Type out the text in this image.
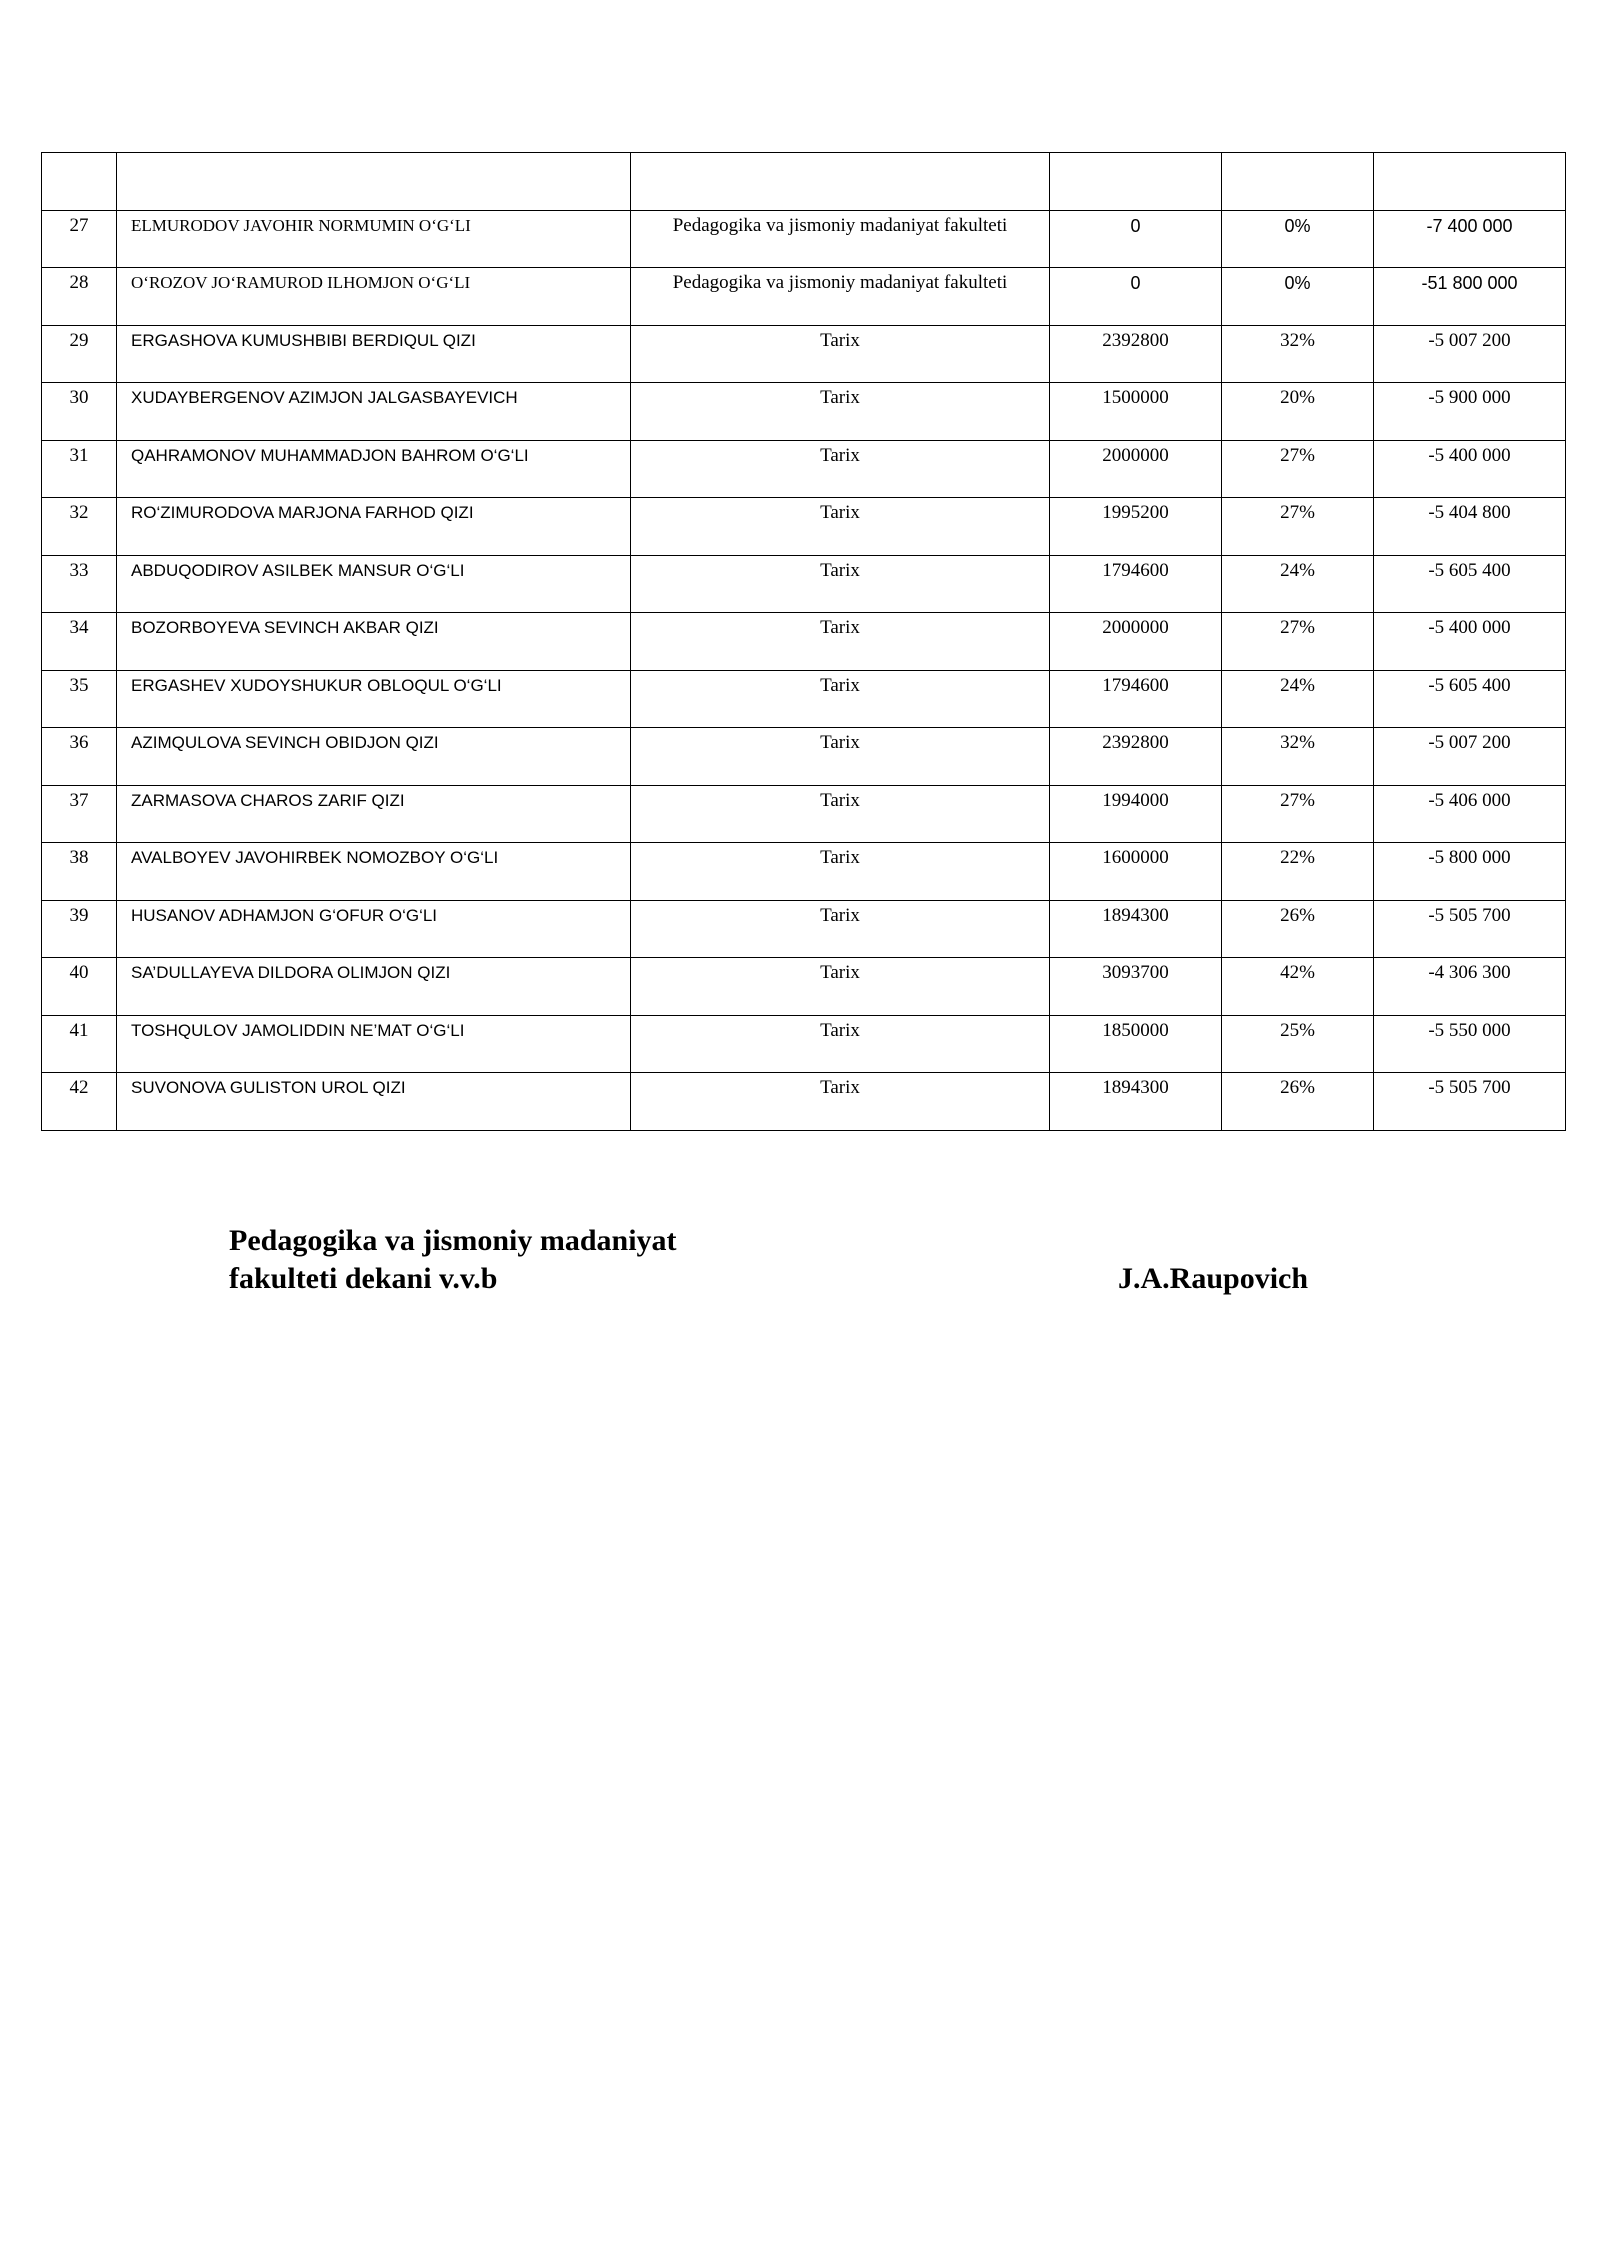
27	ELMURODOV JAVOHIR NORMUMIN O‘G‘LI	Pedagogika va jismoniy madaniyat fakulteti	0	0%	-7 400 000

28	O‘ROZOV JO‘RAMUROD ILHOMJON O‘G‘LI	Pedagogika va jismoniy madaniyat fakulteti	0	0%	-51 800 000

29	ERGASHOVA KUMUSHBIBI BERDIQUL QIZI	Tarix	2392800	32%	-5 007 200

30	XUDAYBERGENOV AZIMJON JALGASBAYEVICH	Tarix	1500000	20%	-5 900 000

31	QAHRAMONOV MUHAMMADJON BAHROM O‘G‘LI	Tarix	2000000	27%	-5 400 000

32	RO‘ZIMURODOVA MARJONA FARHOD QIZI	Tarix	1995200	27%	-5 404 800

33	ABDUQODIROV ASILBEK MANSUR O‘G‘LI	Tarix	1794600	24%	-5 605 400

34	BOZORBOYEVA SEVINCH AKBAR QIZI	Tarix	2000000	27%	-5 400 000

35	ERGASHEV XUDOYSHUKUR OBLOQUL O‘G‘LI	Tarix	1794600	24%	-5 605 400

36	AZIMQULOVA SEVINCH OBIDJON QIZI	Tarix	2392800	32%	-5 007 200

37	ZARMASOVA CHAROS ZARIF QIZI	Tarix	1994000	27%	-5 406 000

38	AVALBOYEV JAVOHIRBEK NOMOZBOY O‘G‘LI	Tarix	1600000	22%	-5 800 000

39	HUSANOV ADHAMJON G‘OFUR O‘G‘LI	Tarix	1894300	26%	-5 505 700

40	SA’DULLAYEVA DILDORA OLIMJON QIZI	Tarix	3093700	42%	-4 306 300

41	TOSHQULOV JAMOLIDDIN NE’MAT O‘G‘LI	Tarix	1850000	25%	-5 550 000

42	SUVONOVA GULISTON UROL QIZI	Tarix	1894300	26%	-5 505 700
Pedagogika va jismoniy madaniyat
fakulteti dekani v.v.b	J.A.Raupovich
